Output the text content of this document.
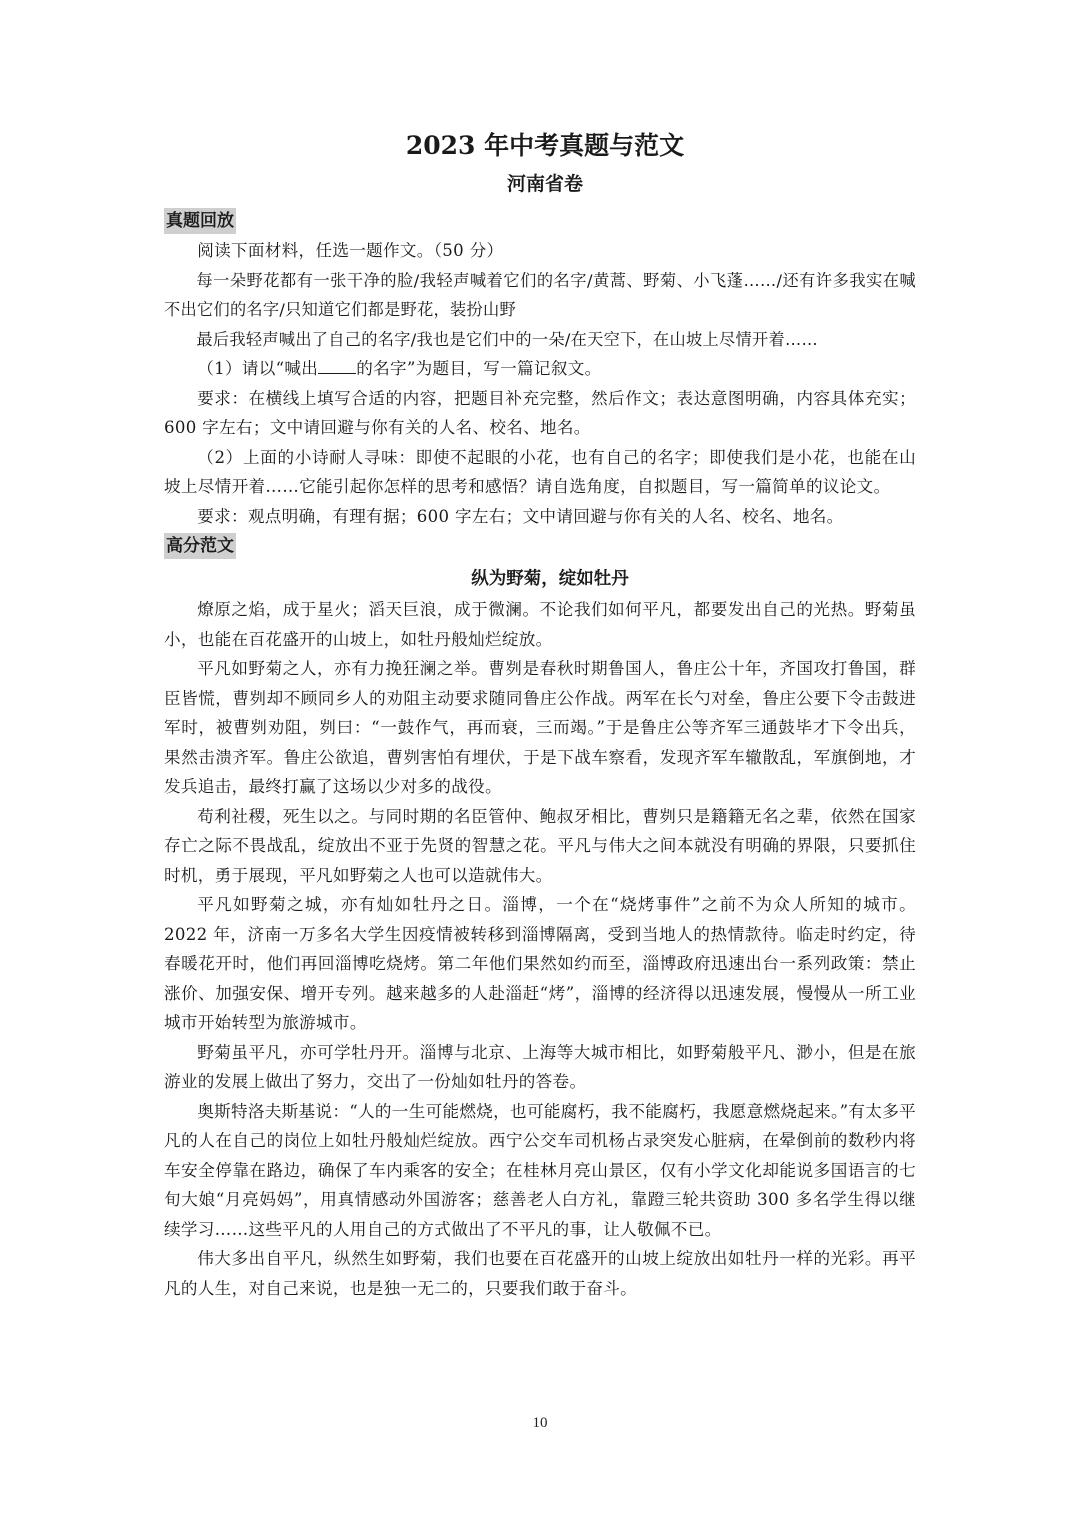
2023 年中考真题与范文
河南省卷
真题回放

阅读下面材料，任选一题作文。（50 分）

每一朵野花都有一张干净的脸/我轻声喊着它们的名字/黄蒿、野菊、小飞蓬……/还有许多我实在喊不出它们的名字/只知道它们都是野花，装扮山野

最后我轻声喊出了自己的名字/我也是它们中的一朵/在天空下，在山坡上尽情开着……

（1）请以“喊出 的名字”为题目，写一篇记叙文。

要求：在横线上填写合适的内容，把题目补充完整，然后作文；表达意图明确，内容具体充实；600 字左右；文中请回避与你有关的人名、校名、地名。

（2）上面的小诗耐人寻味：即使不起眼的小花，也有自己的名字；即使我们是小花，也能在山坡上尽情开着……它能引起你怎样的思考和感悟？请自选角度，自拟题目，写一篇简单的议论文。

要求：观点明确，有理有据；600 字左右；文中请回避与你有关的人名、校名、地名。

高分范文
纵为野菊，绽如牡丹

燎原之焰，成于星火；滔天巨浪，成于微澜。不论我们如何平凡，都要发出自己的光热。野菊虽小，也能在百花盛开的山坡上，如牡丹般灿烂绽放。

平凡如野菊之人，亦有力挽狂澜之举。曹刿是春秋时期鲁国人，鲁庄公十年，齐国攻打鲁国，群臣皆慌，曹刿却不顾同乡人的劝阻主动要求随同鲁庄公作战。两军在长勺对垒，鲁庄公要下令击鼓进军时，被曹刿劝阻，刿曰：“一鼓作气，再而衰，三而竭。”于是鲁庄公等齐军三通鼓毕才下令出兵，果然击溃齐军。鲁庄公欲追，曹刿害怕有埋伏，于是下战车察看，发现齐军车辙散乱，军旗倒地，才发兵追击，最终打赢了这场以少对多的战役。

苟利社稷，死生以之。与同时期的名臣管仲、鲍叔牙相比，曹刿只是籍籍无名之辈，依然在国家存亡之际不畏战乱，绽放出不亚于先贤的智慧之花。平凡与伟大之间本就没有明确的界限，只要抓住时机，勇于展现，平凡如野菊之人也可以造就伟大。

平凡如野菊之城，亦有灿如牡丹之日。淄博，一个在“烧烤事件”之前不为众人所知的城市。2022 年，济南一万多名大学生因疫情被转移到淄博隔离，受到当地人的热情款待。临走时约定，待春暖花开时，他们再回淄博吃烧烤。第二年他们果然如约而至，淄博政府迅速出台一系列政策：禁止涨价、加强安保、增开专列。越来越多的人赴淄赶“烤”，淄博的经济得以迅速发展，慢慢从一所工业城市开始转型为旅游城市。

野菊虽平凡，亦可学牡丹开。淄博与北京、上海等大城市相比，如野菊般平凡、渺小，但是在旅游业的发展上做出了努力，交出了一份灿如牡丹的答卷。

奥斯特洛夫斯基说：“人的一生可能燃烧，也可能腐朽，我不能腐朽，我愿意燃烧起来。”有太多平凡的人在自己的岗位上如牡丹般灿烂绽放。西宁公交车司机杨占录突发心脏病，在晕倒前的数秒内将车安全停靠在路边，确保了车内乘客的安全；在桂林月亮山景区，仅有小学文化却能说多国语言的七旬大娘“月亮妈妈”，用真情感动外国游客；慈善老人白方礼，靠蹬三轮共资助 300 多名学生得以继续学习……这些平凡的人用自己的方式做出了不平凡的事，让人敬佩不已。

伟大多出自平凡，纵然生如野菊，我们也要在百花盛开的山坡上绽放出如牡丹一样的光彩。再平凡的人生，对自己来说，也是独一无二的，只要我们敢于奋斗。

10
